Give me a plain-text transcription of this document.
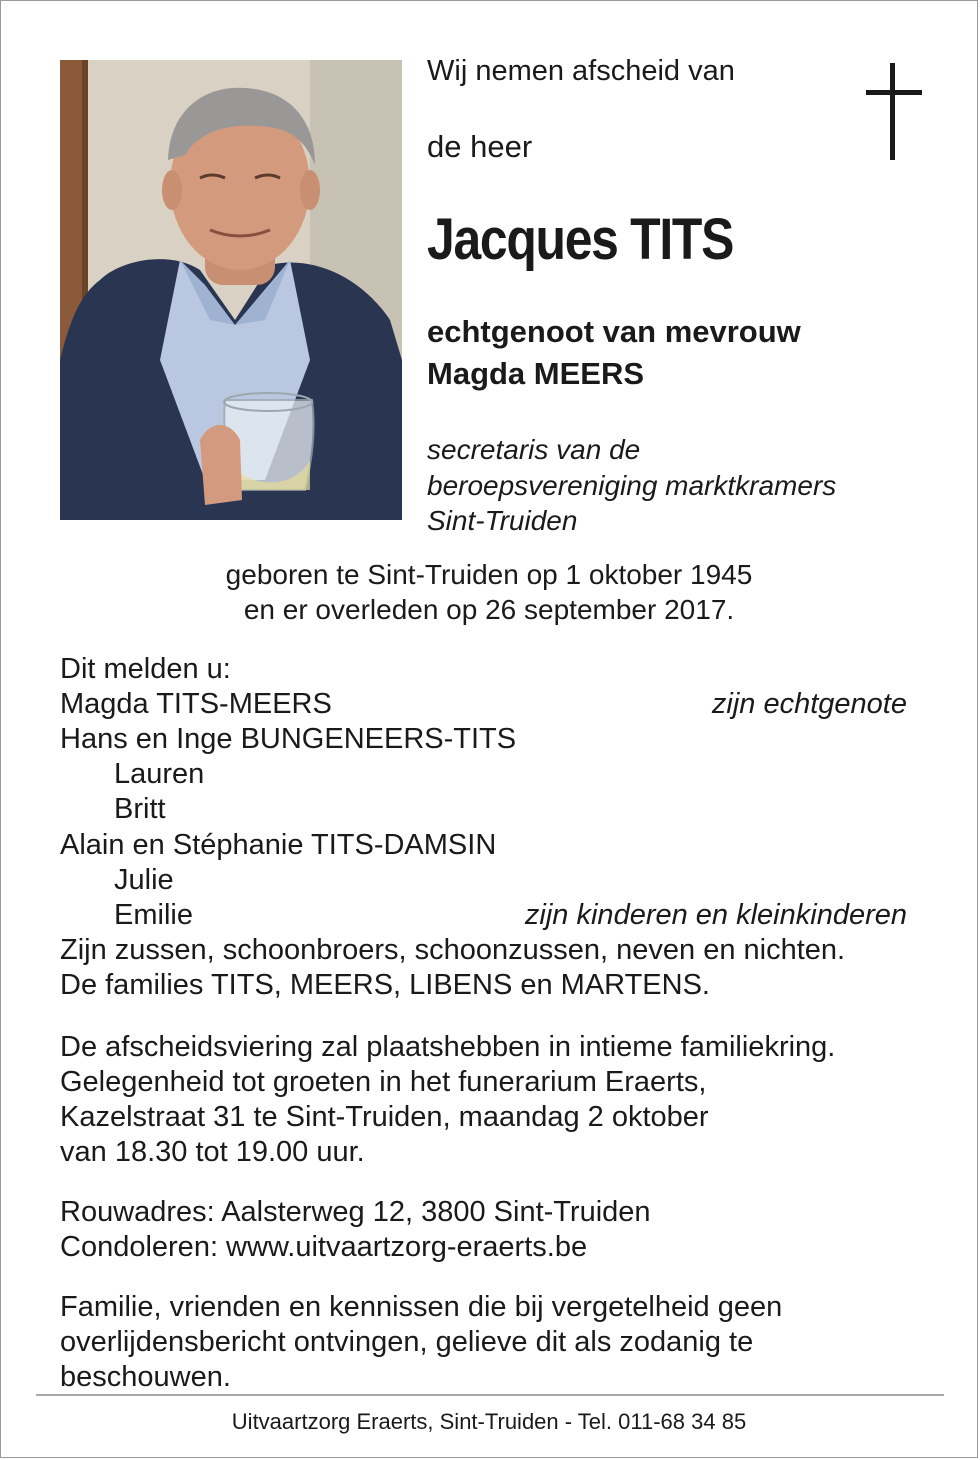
Wij nemen afscheid van

de heer

Jacques TITS

echtgenoot van mevrouw

Magda MEERS

secretaris van de

beroepsvereniging marktkramers

Sint-Truiden

geboren te Sint-Truiden op 1 oktober 1945

en er overleden op 26 september 2017.

Dit melden u:

Magda TITS-MEERS	zijn echtgenote

Hans en Inge BUNGENEERS-TITS

Lauren

Britt

Alain en Stéphanie TITS-DAMSIN

Julie

Emilie	zijn kinderen en kleinkinderen

Zijn zussen, schoonbroers, schoonzussen, neven en nichten.

De families TITS, MEERS, LIBENS en MARTENS.

De afscheidsviering zal plaatshebben in intieme familiekring.

Gelegenheid tot groeten in het funerarium Eraerts,

Kazelstraat 31 te Sint-Truiden, maandag 2 oktober

van 18.30 tot 19.00 uur.

Rouwadres: Aalsterweg 12, 3800 Sint-Truiden

Condoleren: www.uitvaartzorg-eraerts.be

Familie, vrienden en kennissen die bij vergetelheid geen

overlijdensbericht ontvingen, gelieve dit als zodanig te

beschouwen.

Uitvaartzorg Eraerts, Sint-Truiden - Tel. 011-68 34 85
